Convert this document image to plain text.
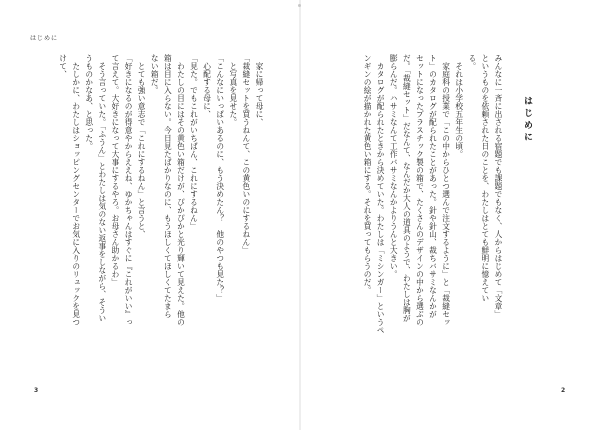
はじめに
　家に帰って母に、
「裁縫セットを買うねんて、この黄色いのにするねん」
　と写真を見せた。
「こんなにいっぱいあるのに、もう決めたん？　他のやつも見た？」
　心配する母に、
「見た。でもこれがいちばん、これにするねん」
　わたしの目にはその黄色い箱だけが、ぴかぴかと光り輝いて見えた。他の
箱は目に入らない。今日見たばかりなのに、もうほしくてほしくてたまら
ない箱だ。
　とても強い意志で「これにするねん」と言うと、
「好きになるのが得意やからええね、ゆかちゃんはすぐに『これがいい』っ
て言えて。大好きになって大事にするやろ。お母さん助かるわ」
　そう言っていた。「ふうん」とわたしは気のない返事をしながら、そうい
うものかなあ、と思った。
　たしかに、わたしはショッピングセンターでお気に入りのリュックを見つ
けて、
3
はじめに
2
みんなに一斉に出される宿題でも課題でもなく、人からはじめて「文章」
というものを依頼された日のことを、わたしはとても鮮明に憶えてい
る。
　それは小学校五年生の頃。
　家庭科の授業で「この中からひとつ選んで注文するように」と「裁縫セッ
ト」のカタログが配られたことがあった。針や針山、裁ちバサミなんかが
セットになったプラスチック製の箱で、たくさんのデザインの中から選ぶの
だ。「裁縫セット」だなんて、なんだか大人の道具のようで、わたしは胸が
膨らんだ。ハサミなんて工作バサミなんかよりうんと大きい。
　カタログが配られたときから決めていた。わたしは「ミシンガー」というペ
ンギンの絵が描かれた黄色い箱にする。それを買ってもらうのだ。
